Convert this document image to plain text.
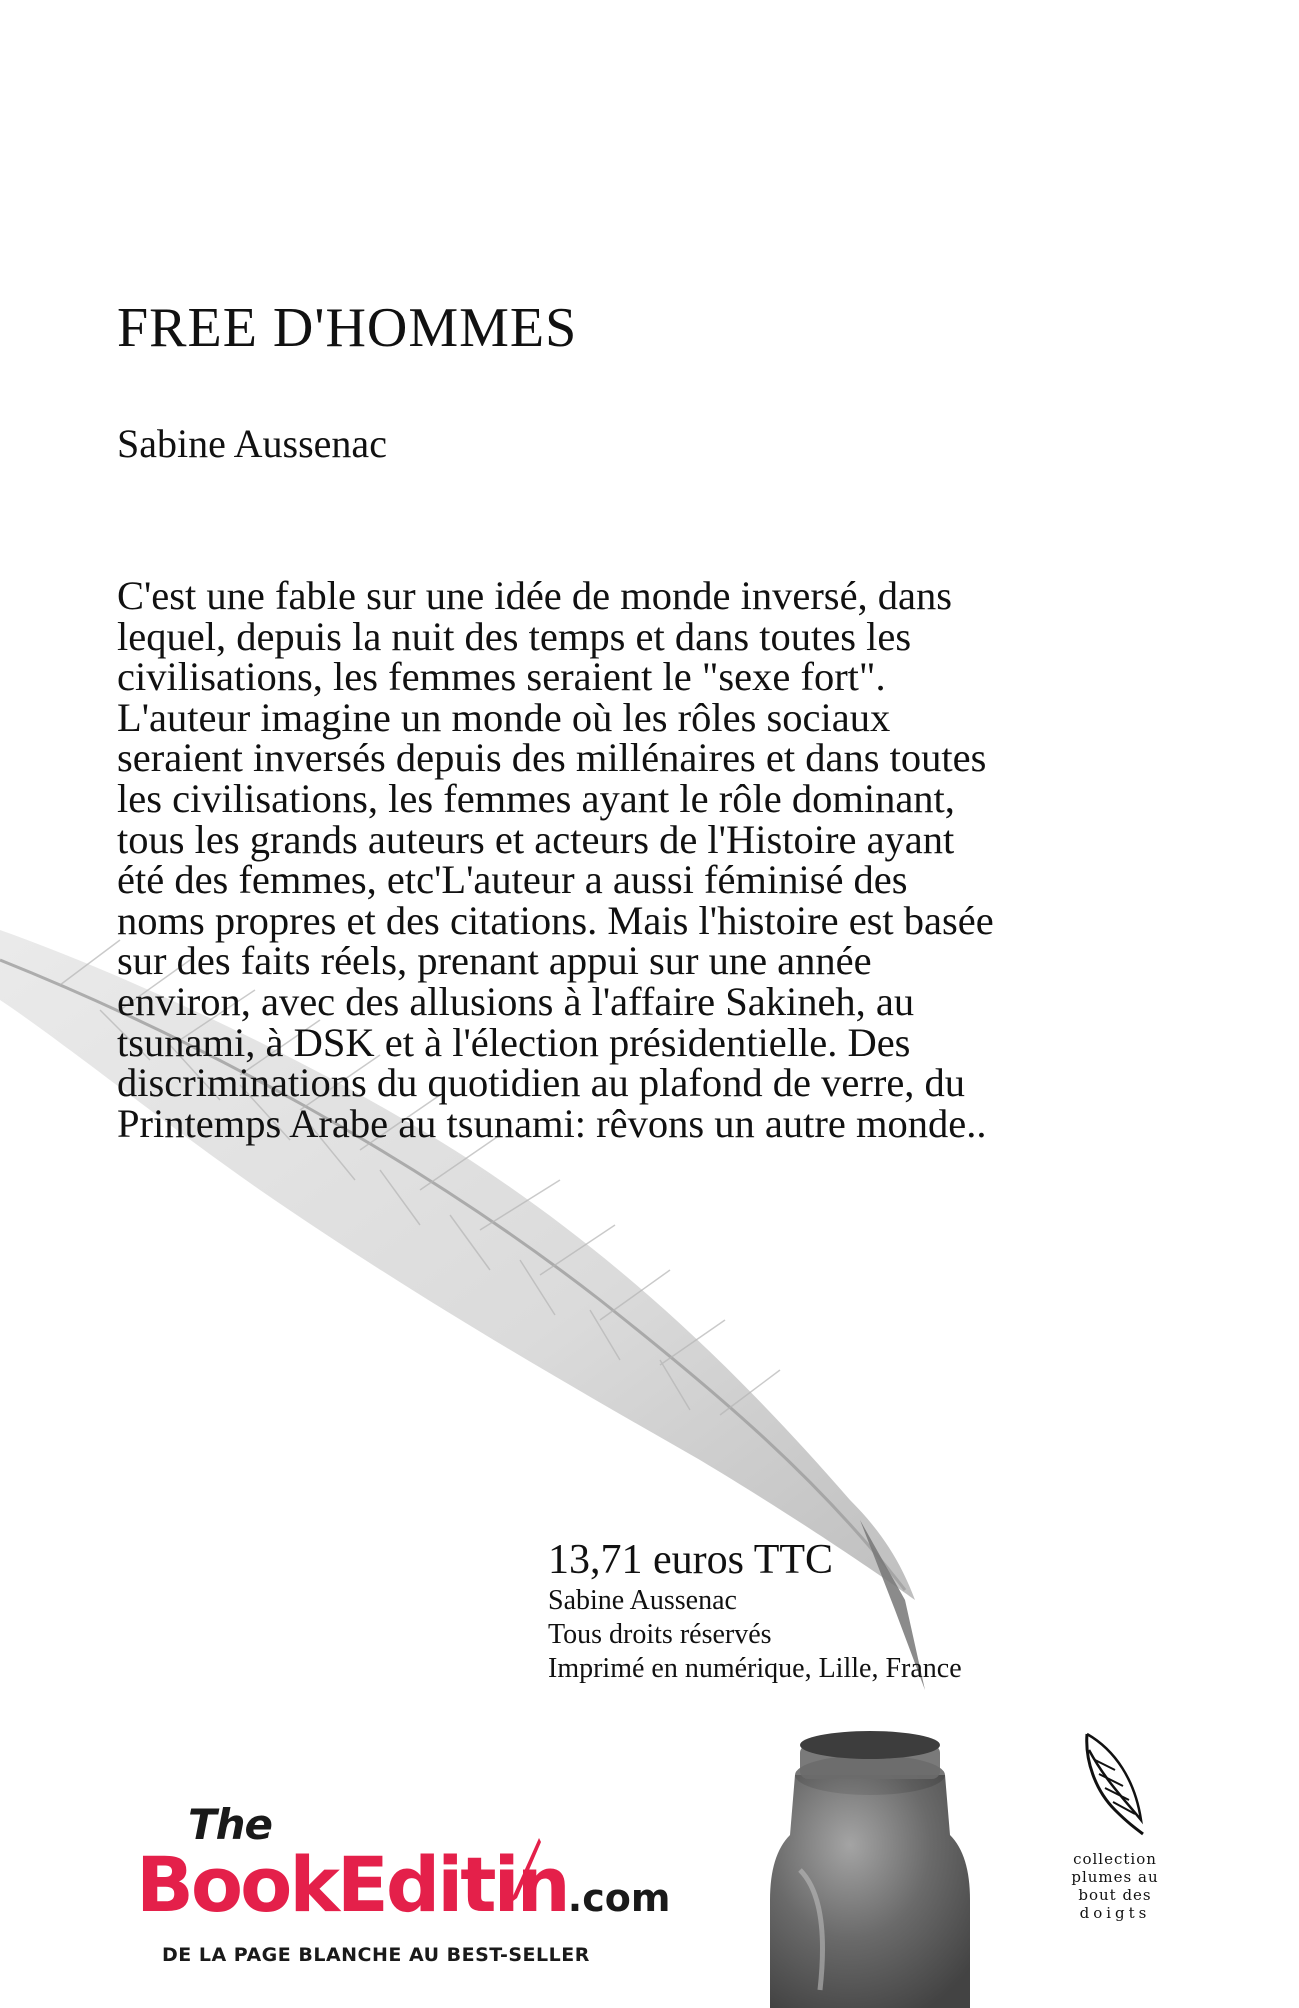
FREE D'HOMMES

Sabine Aussenac

C'est une fable sur une idée de monde inversé, dans lequel, depuis la nuit des temps et dans toutes les civilisations, les femmes seraient le "sexe fort". L'auteur imagine un monde où les rôles sociaux seraient inversés depuis des millénaires et dans toutes les civilisations, les femmes ayant le rôle dominant, tous les grands auteurs et acteurs de l'Histoire ayant été des femmes, etc'L'auteur a aussi féminisé des noms propres et des citations. Mais l'histoire est basée sur des faits réels, prenant appui sur une année environ, avec des allusions à l'affaire Sakineh, au tsunami, à DSK et à l'élection présidentielle. Des discriminations du quotidien au plafond de verre, du Printemps Arabe au tsunami: rêvons un autre monde..

13,71 euros TTC
Sabine Aussenac
Tous droits réservés
Imprimé en numérique, Lille, France
The
BookEditin
.com
DE LA PAGE BLANCHE AU BEST-SELLER
collection
plumes au
bout des
doigts
